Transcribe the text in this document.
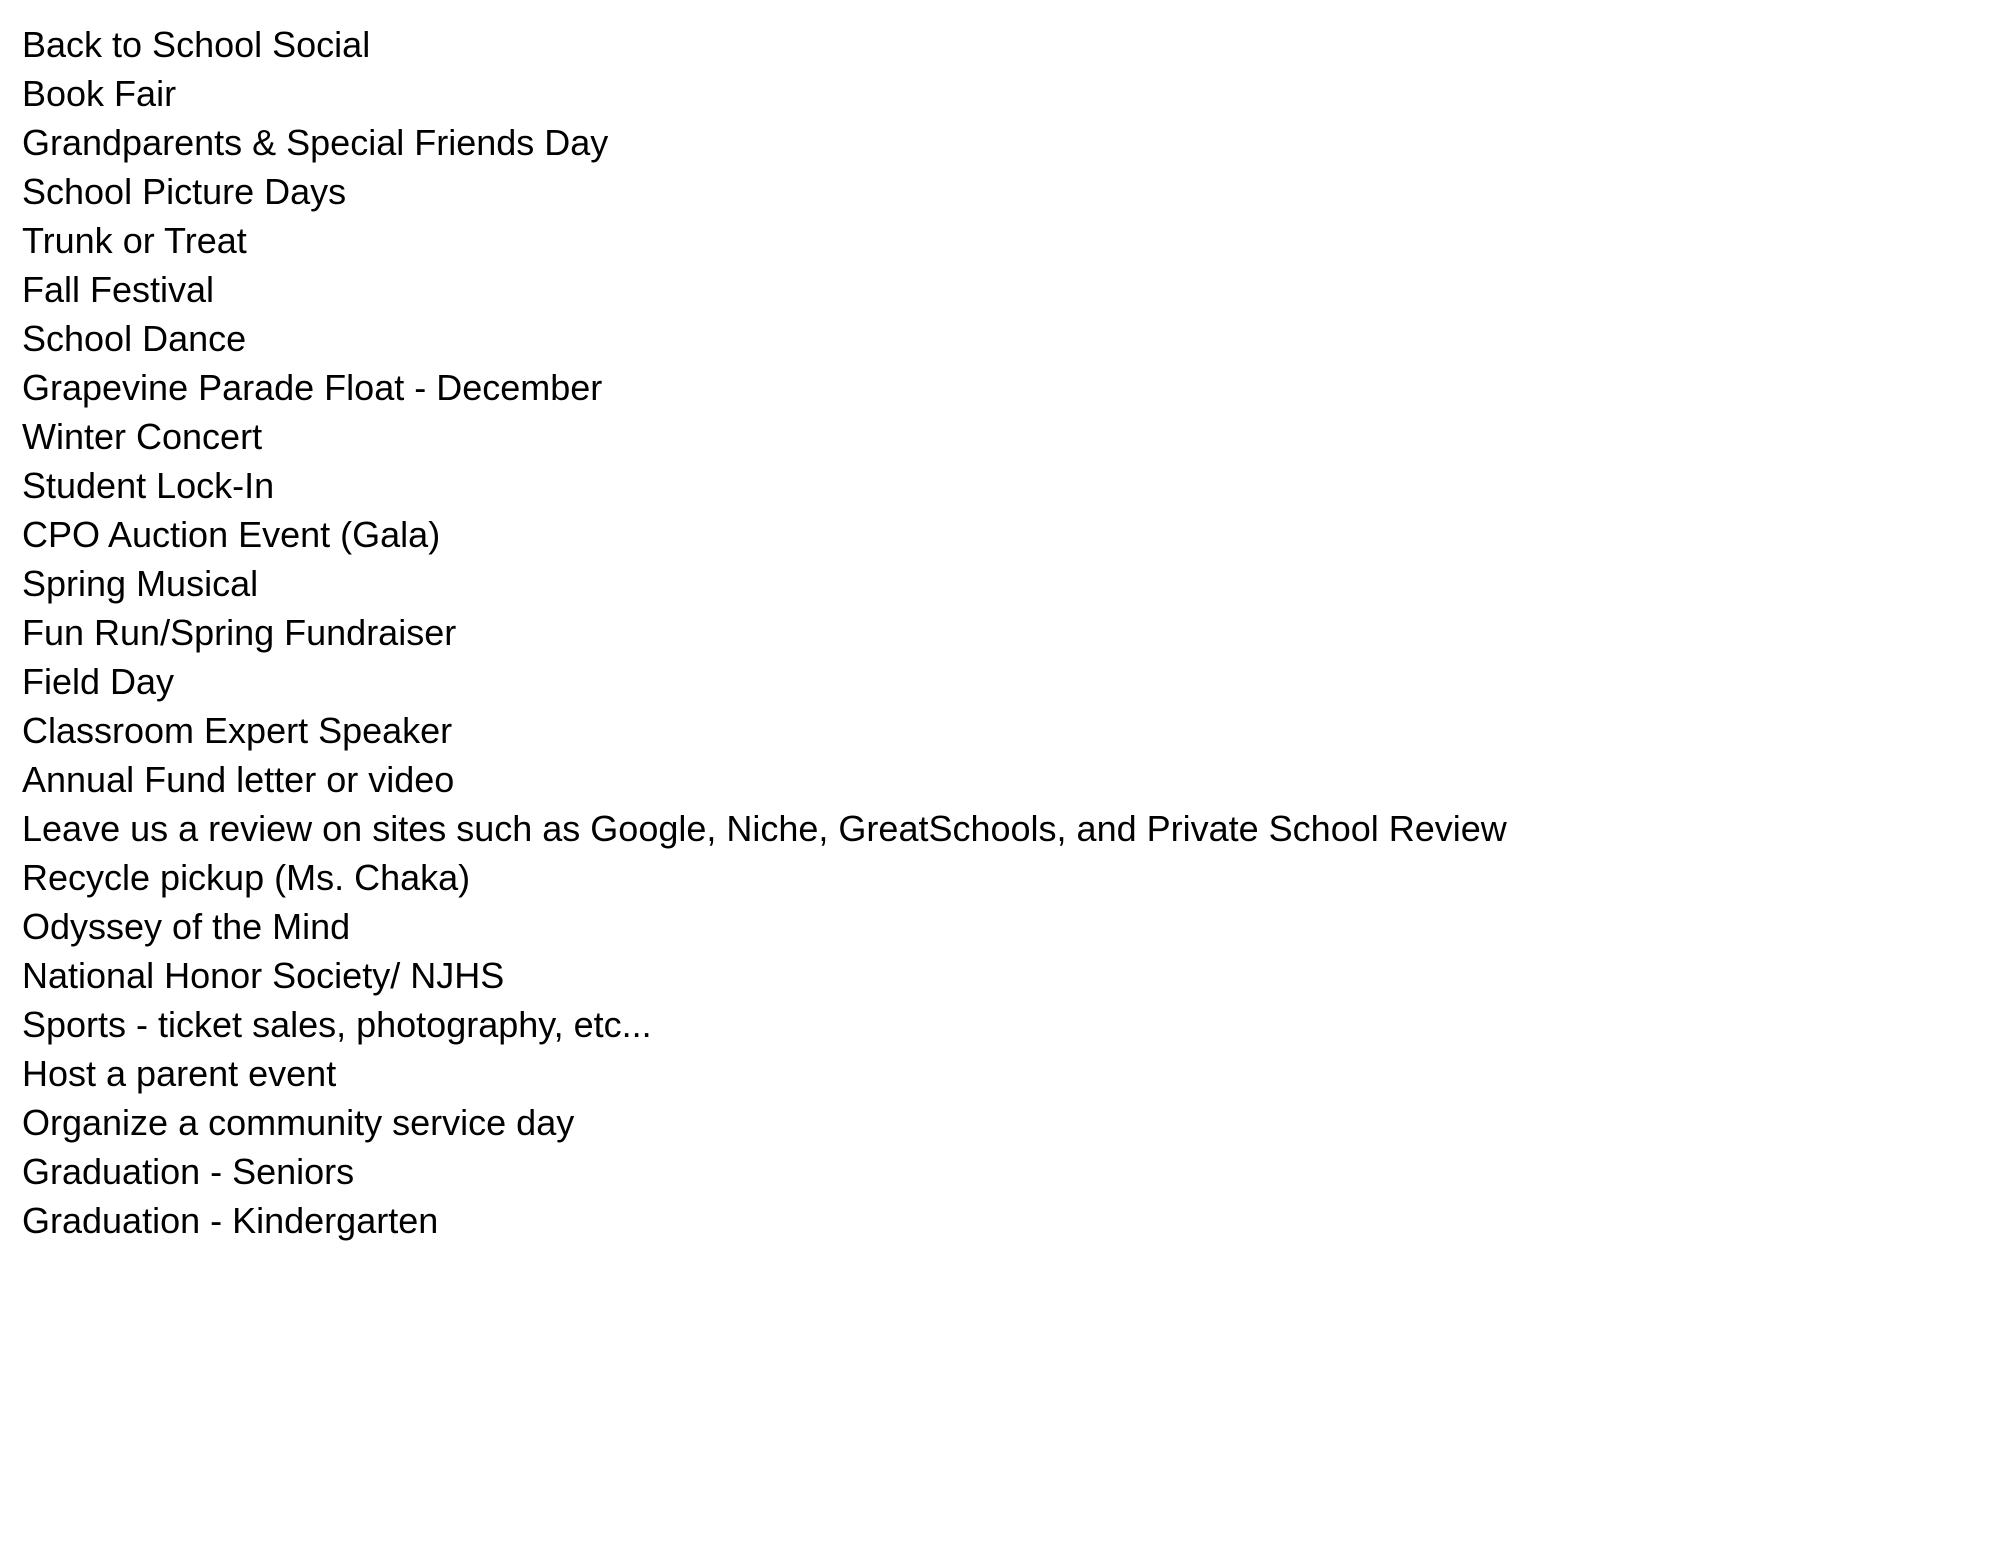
Back to School Social
Book Fair
Grandparents & Special Friends Day
School Picture Days
Trunk or Treat
Fall Festival
School Dance
Grapevine Parade Float - December
Winter Concert
Student Lock-In
CPO Auction Event (Gala)
Spring Musical
Fun Run/Spring Fundraiser
Field Day
Classroom Expert Speaker
Annual Fund letter or video
Leave us a review on sites such as Google, Niche, GreatSchools, and Private School Review
Recycle pickup (Ms. Chaka)
Odyssey of the Mind
National Honor Society/ NJHS
Sports - ticket sales, photography, etc...
Host a parent event
Organize a community service day
Graduation - Seniors
Graduation - Kindergarten
